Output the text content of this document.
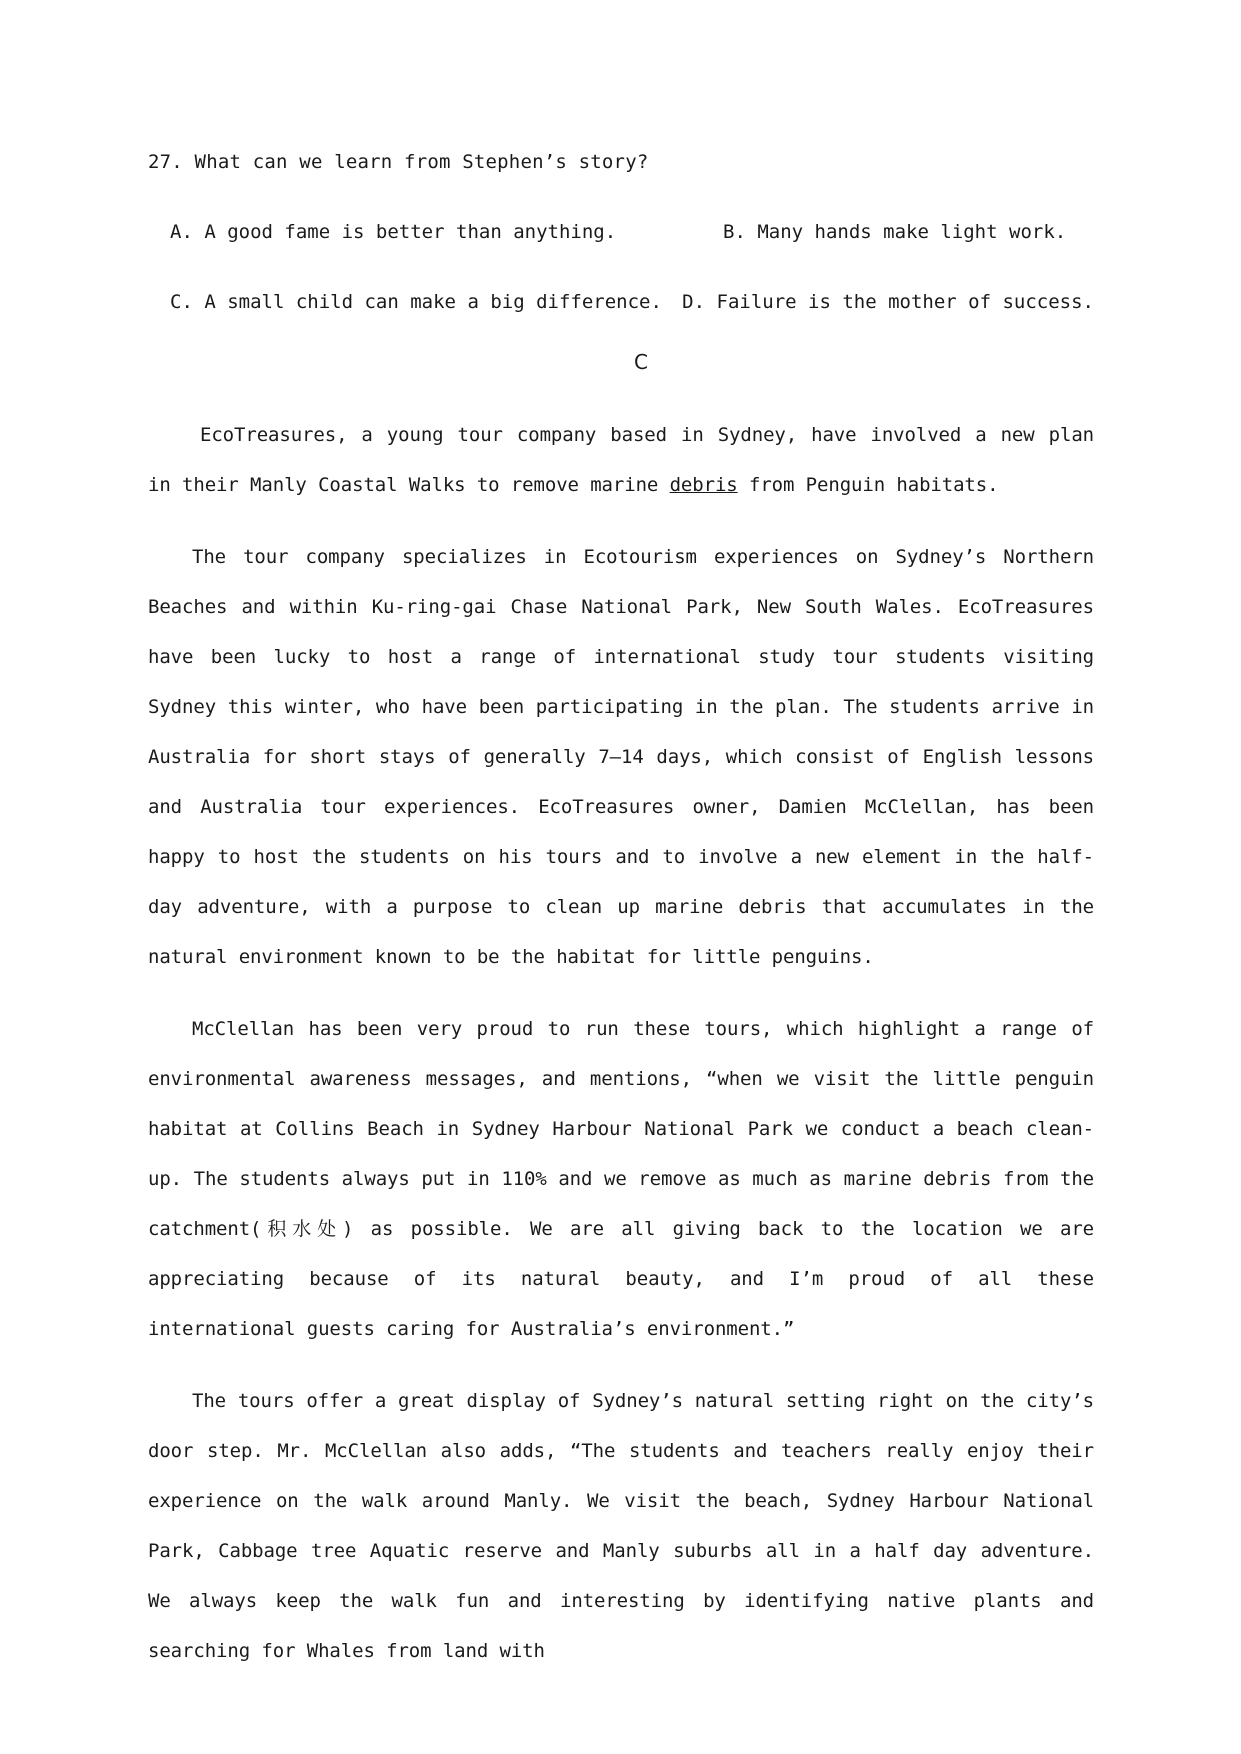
27. What can we learn from Stephen’s story?

A. A good fame is better than anything.	B. Many hands make light work.
C. A small child can make a big difference.	D. Failure is the mother of success.
C

EcoTreasures, a young tour company based in Sydney, have involved a new plan in their Manly Coastal Walks to remove marine debris from Penguin habitats.

The tour company specializes in Ecotourism experiences on Sydney’s Northern Beaches and within Ku-ring-gai Chase National Park, New South Wales. EcoTreasures have been lucky to host a range of international study tour students visiting Sydney this winter, who have been participating in the plan. The students arrive in Australia for short stays of generally 7—14 days, which consist of English lessons and Australia tour experiences. EcoTreasures owner, Damien McClellan, has been happy to host the students on his tours and to involve a new element in the half-day adventure, with a purpose to clean up marine debris that accumulates in the natural environment known to be the habitat for little penguins.

McClellan has been very proud to run these tours, which highlight a range of environmental awareness messages, and mentions, “when we visit the little penguin habitat at Collins Beach in Sydney Harbour National Park we conduct a beach clean-up. The students always put in 110% and we remove as much as marine debris from the catchment(积水处) as possible. We are all giving back to the location we are appreciating because of its natural beauty, and I’m proud of all these international guests caring for Australia’s environment.”

The tours offer a great display of Sydney’s natural setting right on the city’s door step. Mr. McClellan also adds, “The students and teachers really enjoy their experience on the walk around Manly. We visit the beach, Sydney Harbour National Park, Cabbage tree Aquatic reserve and Manly suburbs all in a half day adventure. We always keep the walk fun and interesting by identifying native plants and searching for Whales from land with
